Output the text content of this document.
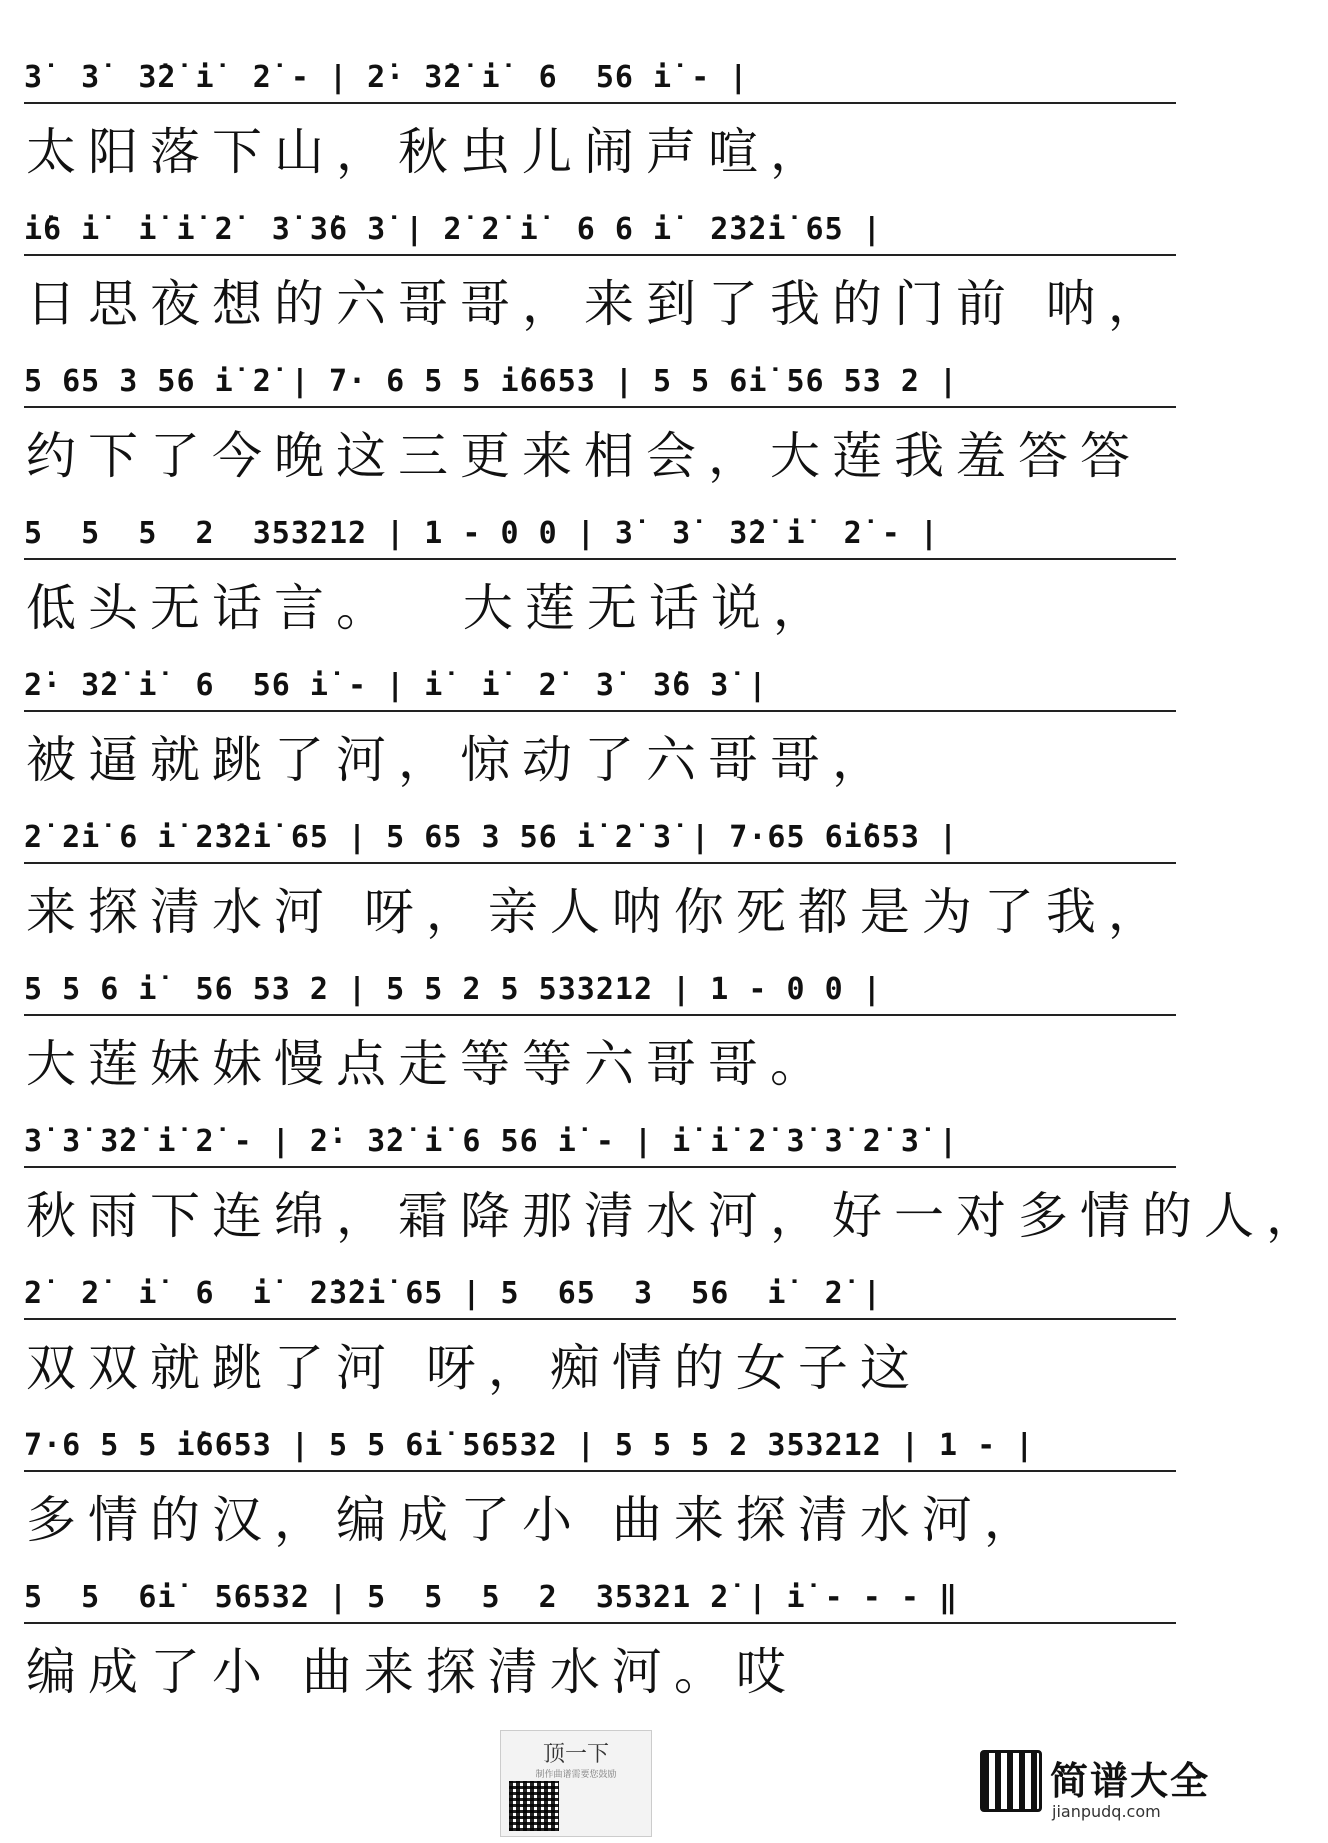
3̇  3̇  3̇2̇ i̇  2̇ - | 2̇· 3̇2̇ i̇  6  56 i̇ - |
太阳落下山，秋虫儿闹声喧，
i̇6 i̇  i̇ i̇ 2̇  3̇ 3̇6 3̇ | 2̇ 2̇ i̇  6 6 i̇  2̇3̇2̇i̇ 65 |
日思夜想的六哥哥，来到了我的门前 呐，
5 65 3 56 i̇ 2̇ | 7· 6 5 5 i̇6653 | 5 5 6i̇ 56 53 2 |
约下了今晚这三更来相会，大莲我羞答答
5  5  5  2  353212 | 1 - 0 0 | 3̇  3̇  3̇2̇ i̇  2̇ - |
低头无话言。　 大莲无话说，
2̇· 3̇2̇ i̇  6  56 i̇ - | i̇  i̇  2̇  3̇  3̇6 3̇ |
被逼就跳了河，惊动了六哥哥，
2̇ 2̇i̇ 6 i̇ 2̇3̇2̇i̇ 65 | 5 65 3 56 i̇ 2̇ 3̇ | 7·65 6i̇653 |
来探清水河 呀，亲人呐你死都是为了我，
5 5 6 i̇  56 53 2 | 5 5 2 5 533212 | 1 - 0 0 |
大莲妹妹慢点走等等六哥哥。
3̇ 3̇ 3̇2̇ i̇ 2̇ - | 2̇· 3̇2̇ i̇ 6 56 i̇ - | i̇ i̇ 2̇ 3̇ 3̇ 2̇ 3̇ |
秋雨下连绵，霜降那清水河，好一对多情的人，
2̇  2̇  i̇  6  i̇  2̇3̇2̇i̇ 65 | 5  65  3  56  i̇  2̇ |
双双就跳了河 呀，痴情的女子这
7·6 5 5 i̇6653 | 5 5 6i̇ 56532 | 5 5 5 2 353212 | 1 - |
多情的汉，编成了小 曲来探清水河，
5  5  6i̇  56532 | 5  5  5  2  35321 2̇ | i̇ - - - ‖
编成了小 曲来探清水河。哎
顶一下
制作曲谱需要您鼓励	简谱大全
jianpudq.com
